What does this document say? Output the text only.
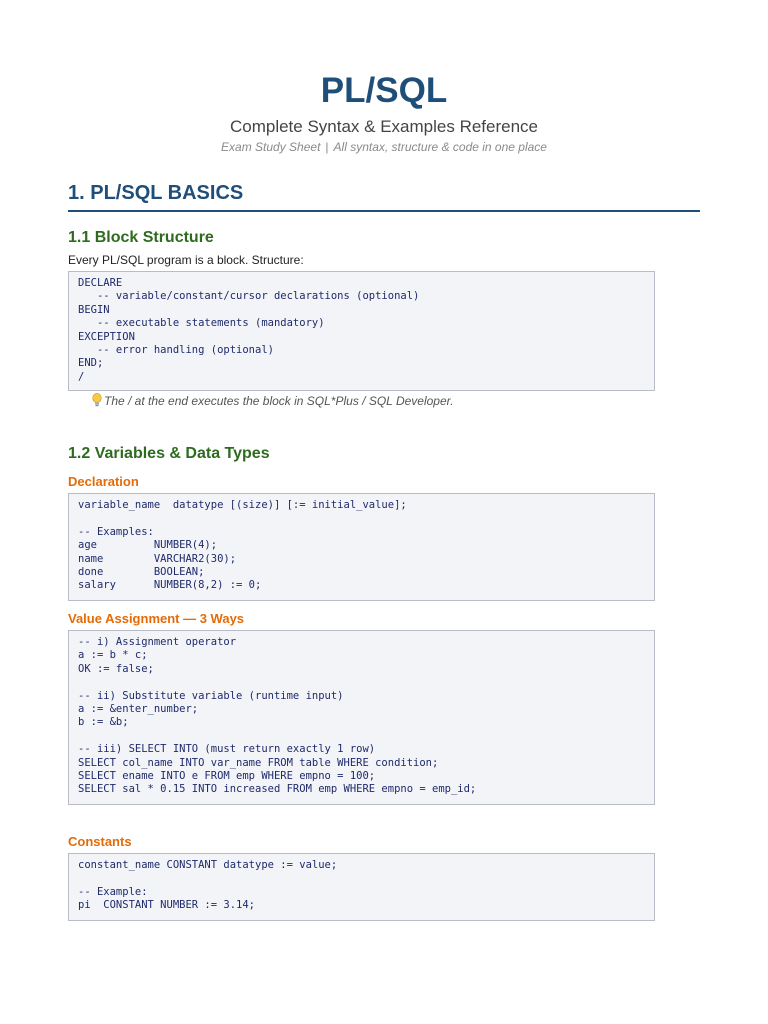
PL/SQL
Complete Syntax & Examples Reference
Exam Study Sheet | All syntax, structure & code in one place
1. PL/SQL BASICS
1.1 Block Structure
Every PL/SQL program is a block. Structure:
DECLARE
-- variable/constant/cursor declarations (optional)
BEGIN
-- executable statements (mandatory)
EXCEPTION
-- error handling (optional)
END;
/
The / at the end executes the block in SQL*Plus / SQL Developer.
1.2 Variables & Data Types
Declaration
variable_name  datatype [(size)] [:= initial_value];

-- Examples:
age         NUMBER(4);
name        VARCHAR2(30);
done        BOOLEAN;
salary      NUMBER(8,2) := 0;
Value Assignment — 3 Ways
-- i) Assignment operator
a := b * c;
OK := false;

-- ii) Substitute variable (runtime input)
a := &enter_number;
b := &b;

-- iii) SELECT INTO (must return exactly 1 row)
SELECT col_name INTO var_name FROM table WHERE condition;
SELECT ename INTO e FROM emp WHERE empno = 100;
SELECT sal * 0.15 INTO increased FROM emp WHERE empno = emp_id;
Constants
constant_name CONSTANT datatype := value;

-- Example:
pi  CONSTANT NUMBER := 3.14;
